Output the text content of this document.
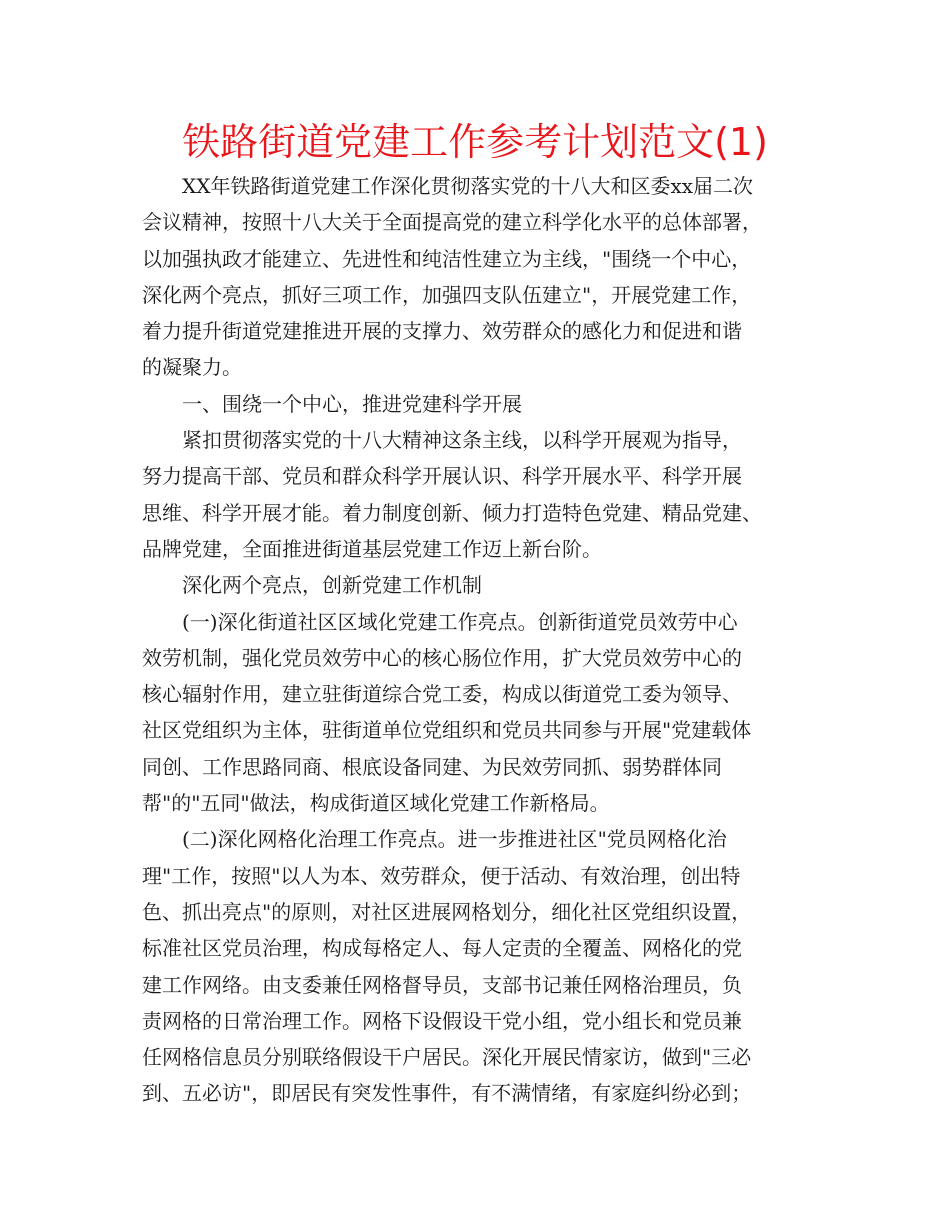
铁路街道党建工作参考计划范文(1)
XX年铁路街道党建工作深化贯彻落实党的十八大和区委xx届二次
会议精神，按照十八大关于全面提高党的建立科学化水平的总体部署，
以加强执政才能建立、先进性和纯洁性建立为主线，"围绕一个中心，
深化两个亮点，抓好三项工作，加强四支队伍建立"，开展党建工作，
着力提升街道党建推进开展的支撑力、效劳群众的感化力和促进和谐
的凝聚力。
一、围绕一个中心，推进党建科学开展
紧扣贯彻落实党的十八大精神这条主线，以科学开展观为指导，
努力提高干部、党员和群众科学开展认识、科学开展水平、科学开展
思维、科学开展才能。着力制度创新、倾力打造特色党建、精品党建、
品牌党建，全面推进街道基层党建工作迈上新台阶。
深化两个亮点，创新党建工作机制
(一)深化街道社区区域化党建工作亮点。创新街道党员效劳中心
效劳机制，强化党员效劳中心的核心肠位作用，扩大党员效劳中心的
核心辐射作用，建立驻街道综合党工委，构成以街道党工委为领导、
社区党组织为主体，驻街道单位党组织和党员共同参与开展"党建载体
同创、工作思路同商、根底设备同建、为民效劳同抓、弱势群体同
帮"的"五同"做法，构成街道区域化党建工作新格局。
(二)深化网格化治理工作亮点。进一步推进社区"党员网格化治
理"工作，按照"以人为本、效劳群众，便于活动、有效治理，创出特
色、抓出亮点"的原则，对社区进展网格划分，细化社区党组织设置，
标准社区党员治理，构成每格定人、每人定责的全覆盖、网格化的党
建工作网络。由支委兼任网格督导员，支部书记兼任网格治理员，负
责网格的日常治理工作。网格下设假设干党小组，党小组长和党员兼
任网格信息员分别联络假设干户居民。深化开展民情家访，做到"三必
到、五必访"，即居民有突发性事件，有不满情绪，有家庭纠纷必到；
